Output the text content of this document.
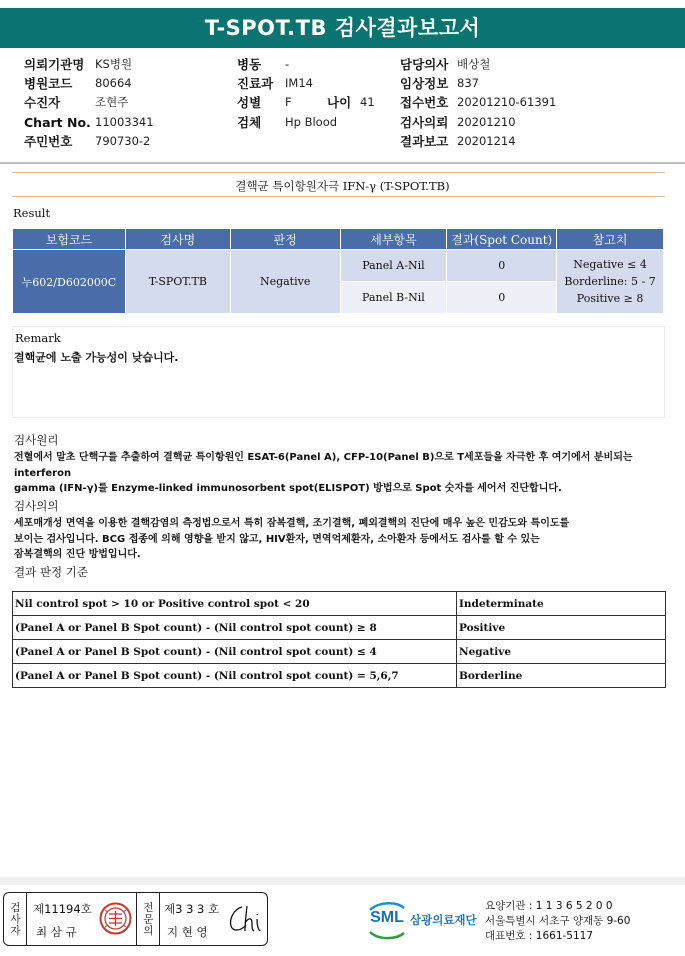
T-SPOT.TB 검사결과보고서
의뢰기관명 KS병원
병원코드	80664
수진자	조현주
Chart No. 11003341
주민번호	790730-2
병동	-
진료과	IM14
성별	F	나이 41
검체	Hp Blood
담당의사 배상철
임상정보 837
접수번호 20201210-61391
검사의뢰 20201210
결과보고 20201214
결핵균 특이항원자극 IFN-γ (T-SPOT.TB)
Result
보험코드	검사명	판정	세부항목	결과(Spot Count)	참고치
누602/D602000C	T-SPOT.TB	Negative	Panel A-Nil	0	Negative ≤ 4
Borderline: 5 - 7
Positive ≥ 8

			Panel B-Nil	0	
Remark
결핵균에 노출 가능성이 낮습니다.
검사원리
전혈에서 말초 단핵구를 추출하여 결핵균 특이항원인 ESAT-6(Panel A), CFP-10(Panel B)으로 T세포들을 자극한 후 여기에서 분비되는
interferon
gamma (IFN-γ)를 Enzyme-linked immunosorbent spot(ELISPOT) 방법으로 Spot 숫자를 세어서 진단합니다.
검사의의
세포매개성 면역을 이용한 결핵감염의 측정법으로서 특히 잠복결핵, 조기결핵, 폐외결핵의 진단에 매우 높은 민감도와 특이도를
보이는 검사입니다. BCG 접종에 의해 영향을 받지 않고, HIV환자, 면역억제환자, 소아환자 등에서도 검사를 할 수 있는
잠복결핵의 진단 방법입니다.
결과 판정 기준
Nil control spot > 10 or Positive control spot < 20	Indeterminate
(Panel A or Panel B Spot count) - (Nil control spot count) ≥ 8	Positive
(Panel A or Panel B Spot count) - (Nil control spot count) ≤ 4	Negative
(Panel A or Panel B Spot count) - (Nil control spot count) = 5,6,7	Borderline
검사자 제11194호
최 삼 규	전문의 제3 3 3 호
지 현 영
SML 삼광의료재단
요양기관 : 1 1 3 6 5 2 0 0
서울특별시 서초구 양재동 9-60
대표번호 : 1661-5117
